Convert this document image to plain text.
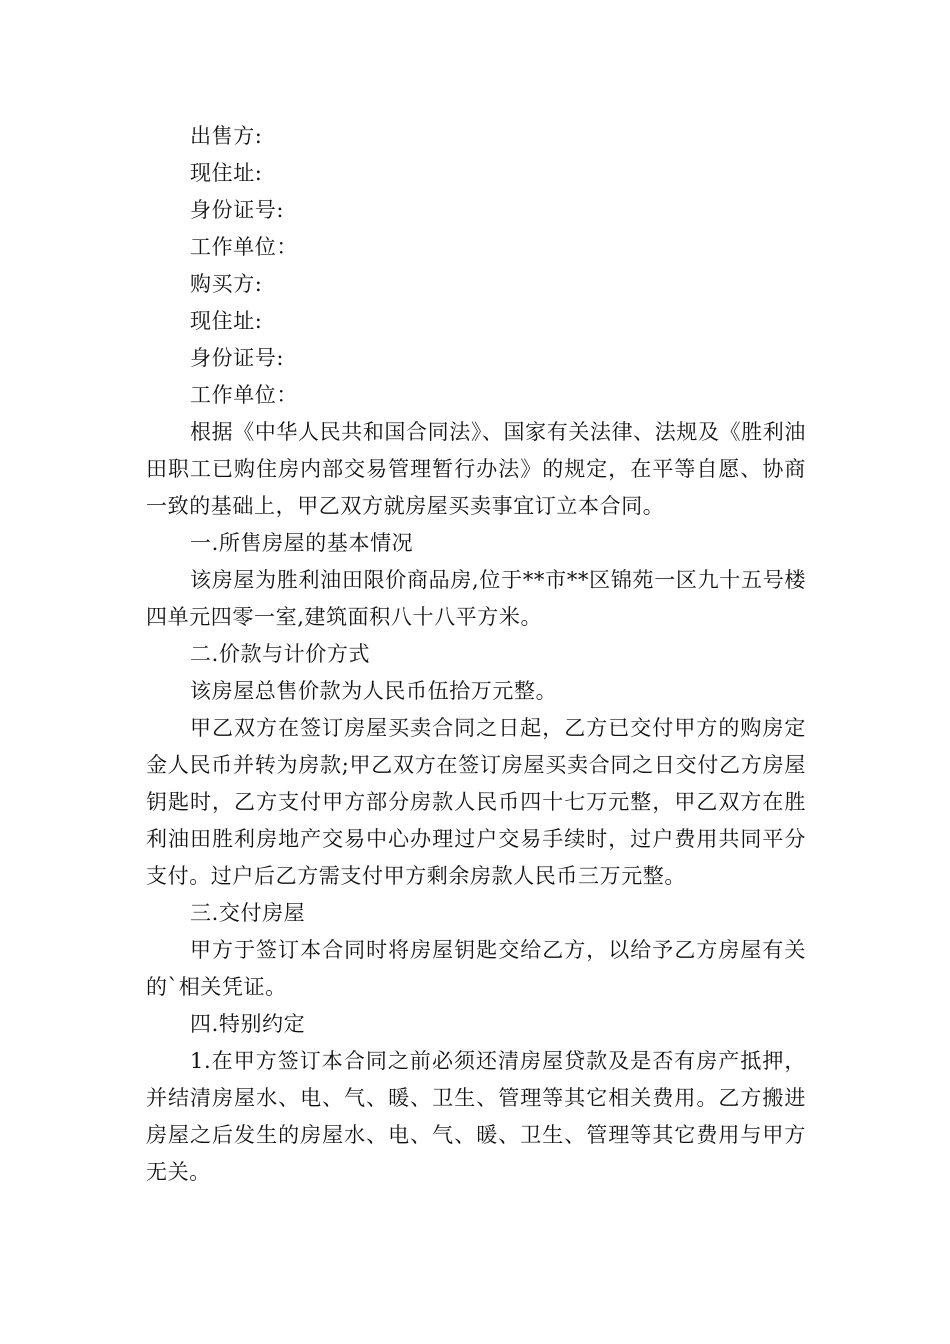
出售方:

现住址:

身份证号:

工作单位：

购买方:

现住址:

身份证号:

工作单位：

根据《中华人民共和国合同法》、国家有关法律、法规及《胜利油田职工已购住房内部交易管理暂行办法》的规定，在平等自愿、协商一致的基础上，甲乙双方就房屋买卖事宜订立本合同。

一.所售房屋的基本情况

该房屋为胜利油田限价商品房,位于**市**区锦苑一区九十五号楼四单元四零一室,建筑面积八十八平方米。

二.价款与计价方式

该房屋总售价款为人民币伍拾万元整。

甲乙双方在签订房屋买卖合同之日起，乙方已交付甲方的购房定金人民币并转为房款;甲乙双方在签订房屋买卖合同之日交付乙方房屋钥匙时，乙方支付甲方部分房款人民币四十七万元整，甲乙双方在胜利油田胜利房地产交易中心办理过户交易手续时，过户费用共同平分支付。过户后乙方需支付甲方剩余房款人民币三万元整。

三.交付房屋

甲方于签订本合同时将房屋钥匙交给乙方，以给予乙方房屋有关的`相关凭证。

四.特别约定

1.在甲方签订本合同之前必须还清房屋贷款及是否有房产抵押，并结清房屋水、电、气、暖、卫生、管理等其它相关费用。乙方搬进房屋之后发生的房屋水、电、气、暖、卫生、管理等其它费用与甲方无关。
